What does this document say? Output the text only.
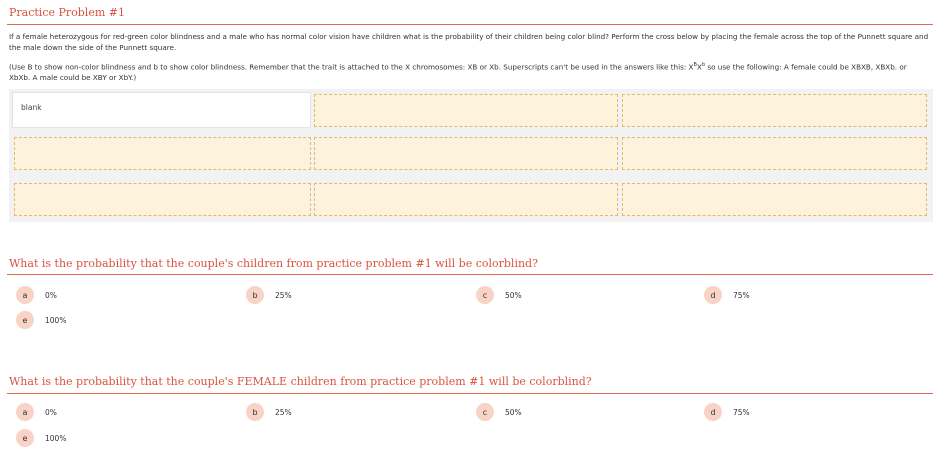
Practice Problem #1
If a female heterozygous for red-green color blindness and a male who has normal color vision have children what is the probability of their children being color blind? Perform the cross below by placing the female across the top of the Punnett square and the male down the side of the Punnett square.
(Use B to show non-color blindness and b to show color blindness. Remember that the trait is attached to the X chromosomes: XB or Xb. Superscripts can't be used in the answers like this: $X^BX^b$ so use the following: A female could be XBXB, XBXb. or XbXb. A male could be XBY or XbY.)
blank
What is the probability that the couple's children from practice problem #1 will be colorblind?
a	0%	b	25%	c	50%	d	75%
e	100%
What is the probability that the couple's FEMALE children from practice problem #1 will be colorblind?
a	0%	b	25%	c	50%	d	75%
e	100%
